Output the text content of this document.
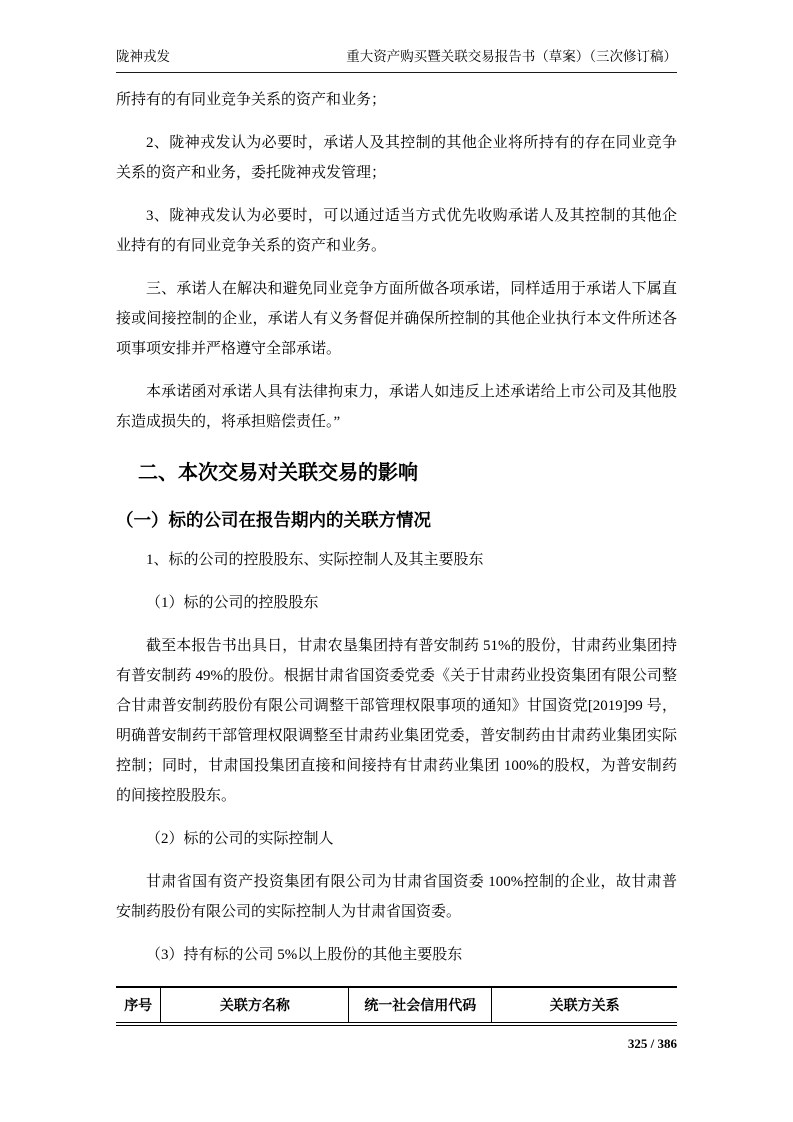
陇神戎发	重大资产购买暨关联交易报告书（草案）（三次修订稿）

所持有的有同业竞争关系的资产和业务；

2、陇神戎发认为必要时，承诺人及其控制的其他企业将所持有的存在同业竞争关系的资产和业务，委托陇神戎发管理；

3、陇神戎发认为必要时，可以通过适当方式优先收购承诺人及其控制的其他企业持有的有同业竞争关系的资产和业务。

三、承诺人在解决和避免同业竞争方面所做各项承诺，同样适用于承诺人下属直接或间接控制的企业，承诺人有义务督促并确保所控制的其他企业执行本文件所述各项事项安排并严格遵守全部承诺。

本承诺函对承诺人具有法律拘束力，承诺人如违反上述承诺给上市公司及其他股东造成损失的，将承担赔偿责任。”

二、本次交易对关联交易的影响
（一）标的公司在报告期内的关联方情况

1、标的公司的控股股东、实际控制人及其主要股东

（1）标的公司的控股股东

截至本报告书出具日，甘肃农垦集团持有普安制药 51%的股份，甘肃药业集团持有普安制药 49%的股份。根据甘肃省国资委党委《关于甘肃药业投资集团有限公司整合甘肃普安制药股份有限公司调整干部管理权限事项的通知》甘国资党[2019]99 号，明确普安制药干部管理权限调整至甘肃药业集团党委，普安制药由甘肃药业集团实际控制；同时，甘肃国投集团直接和间接持有甘肃药业集团 100%的股权，为普安制药的间接控股股东。

（2）标的公司的实际控制人

甘肃省国有资产投资集团有限公司为甘肃省国资委 100%控制的企业，故甘肃普安制药股份有限公司的实际控制人为甘肃省国资委。

（3）持有标的公司 5%以上股份的其他主要股东

序号	关联方名称	统一社会信用代码	关联方关系
325 / 386
